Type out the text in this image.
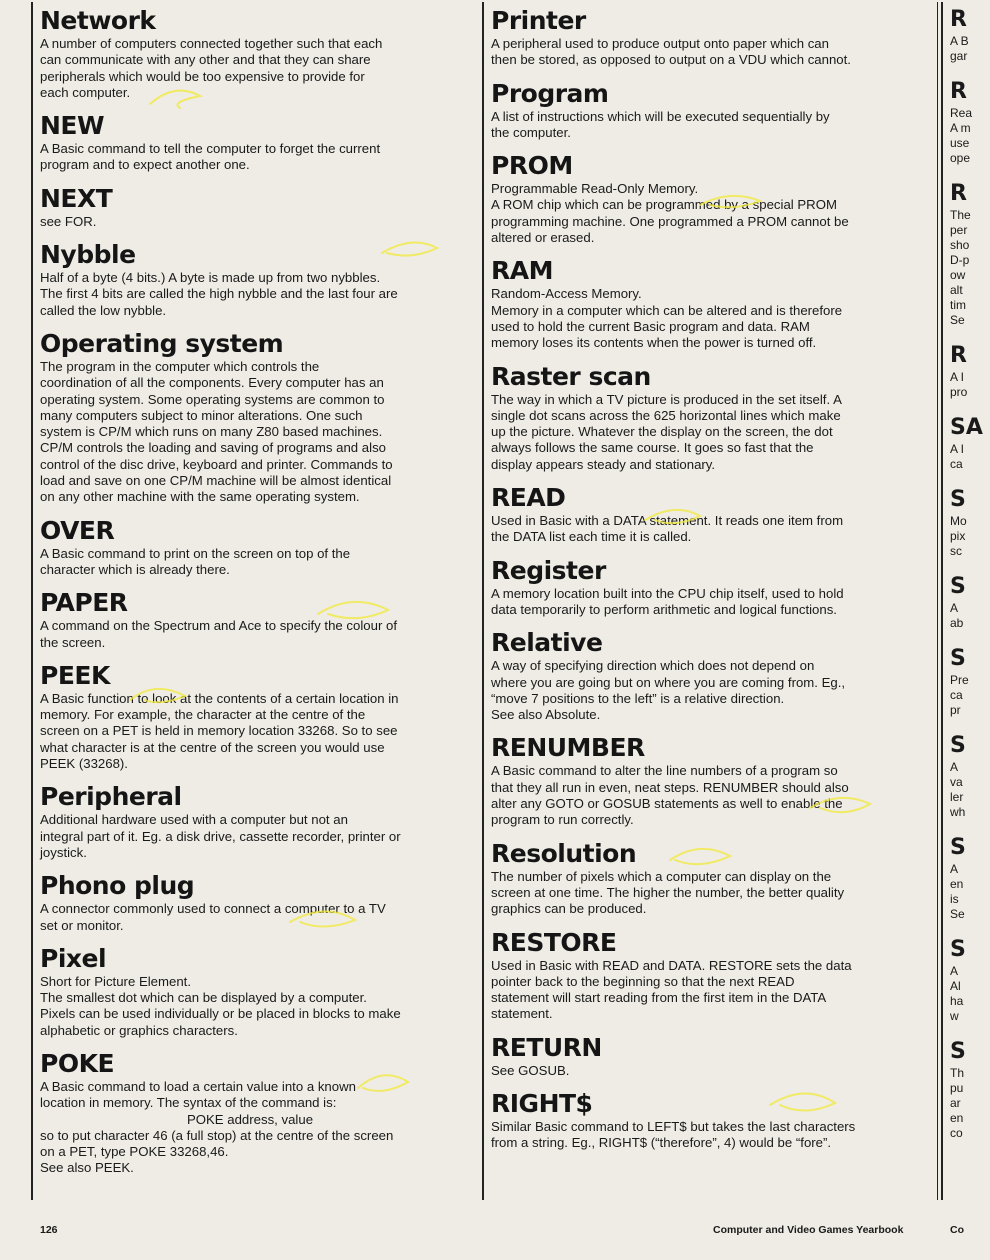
Network

A number of computers connected together such that each

can communicate with any other and that they can share

peripherals which would be too expensive to provide for

each computer.

NEW

A Basic command to tell the computer to forget the current

program and to expect another one.

NEXT

see FOR.

Nybble

Half of a byte (4 bits.) A byte is made up from two nybbles.

The first 4 bits are called the high nybble and the last four are

called the low nybble.

Operating system

The program in the computer which controls the

coordination of all the components. Every computer has an

operating system. Some operating systems are common to

many computers subject to minor alterations. One such

system is CP/M which runs on many Z80 based machines.

CP/M controls the loading and saving of programs and also

control of the disc drive, keyboard and printer. Commands to

load and save on one CP/M machine will be almost identical

on any other machine with the same operating system.

OVER

A Basic command to print on the screen on top of the

character which is already there.

PAPER

A command on the Spectrum and Ace to specify the colour of

the screen.

PEEK

A Basic function to look at the contents of a certain location in

memory. For example, the character at the centre of the

screen on a PET is held in memory location 33268. So to see

what character is at the centre of the screen you would use

PEEK (33268).

Peripheral

Additional hardware used with a computer but not an

integral part of it. Eg. a disk drive, cassette recorder, printer or

joystick.

Phono plug

A connector commonly used to connect a computer to a TV

set or monitor.

Pixel

Short for Picture Element.

The smallest dot which can be displayed by a computer.

Pixels can be used individually or be placed in blocks to make

alphabetic or graphics characters.

POKE

A Basic command to load a certain value into a known

location in memory. The syntax of the command is:

POKE address, value

so to put character 46 (a full stop) at the centre of the screen

on a PET, type POKE 33268,46.

See also PEEK.

Printer

A peripheral used to produce output onto paper which can

then be stored, as opposed to output on a VDU which cannot.

Program

A list of instructions which will be executed sequentially by

the computer.

PROM

Programmable Read-Only Memory.

A ROM chip which can be programmed by a special PROM

programming machine. One programmed a PROM cannot be

altered or erased.

RAM

Random-Access Memory.

Memory in a computer which can be altered and is therefore

used to hold the current Basic program and data. RAM

memory loses its contents when the power is turned off.

Raster scan

The way in which a TV picture is produced in the set itself. A

single dot scans across the 625 horizontal lines which make

up the picture. Whatever the display on the screen, the dot

always follows the same course. It goes so fast that the

display appears steady and stationary.

READ

Used in Basic with a DATA statement. It reads one item from

the DATA list each time it is called.

Register

A memory location built into the CPU chip itself, used to hold

data temporarily to perform arithmetic and logical functions.

Relative

A way of specifying direction which does not depend on

where you are going but on where you are coming from. Eg.,

“move 7 positions to the left” is a relative direction.

See also Absolute.

RENUMBER

A Basic command to alter the line numbers of a program so

that they all run in even, neat steps. RENUMBER should also

alter any GOTO or GOSUB statements as well to enable the

program to run correctly.

Resolution

The number of pixels which a computer can display on the

screen at one time. The higher the number, the better quality

graphics can be produced.

RESTORE

Used in Basic with READ and DATA. RESTORE sets the data

pointer back to the beginning so that the next READ

statement will start reading from the first item in the DATA

statement.

RETURN

See GOSUB.

RIGHT$

Similar Basic command to LEFT$ but takes the last characters

from a string. Eg., RIGHT$ (“therefore”, 4) would be “fore”.

R
A B
gar
R
Rea
A m
use
ope
R
The
per
sho
D-p
ow
alt
tim
Se
R
A I
pro
SA
A I
ca
S
Mo
pix
sc
S
A
ab
S
Pre
ca
pr
S
A
va
ler
wh
S
A
en
is
Se
S
A
Al
ha
w
S
Th
pu
ar
en
co
Co
126	Computer and Video Games Yearbook
